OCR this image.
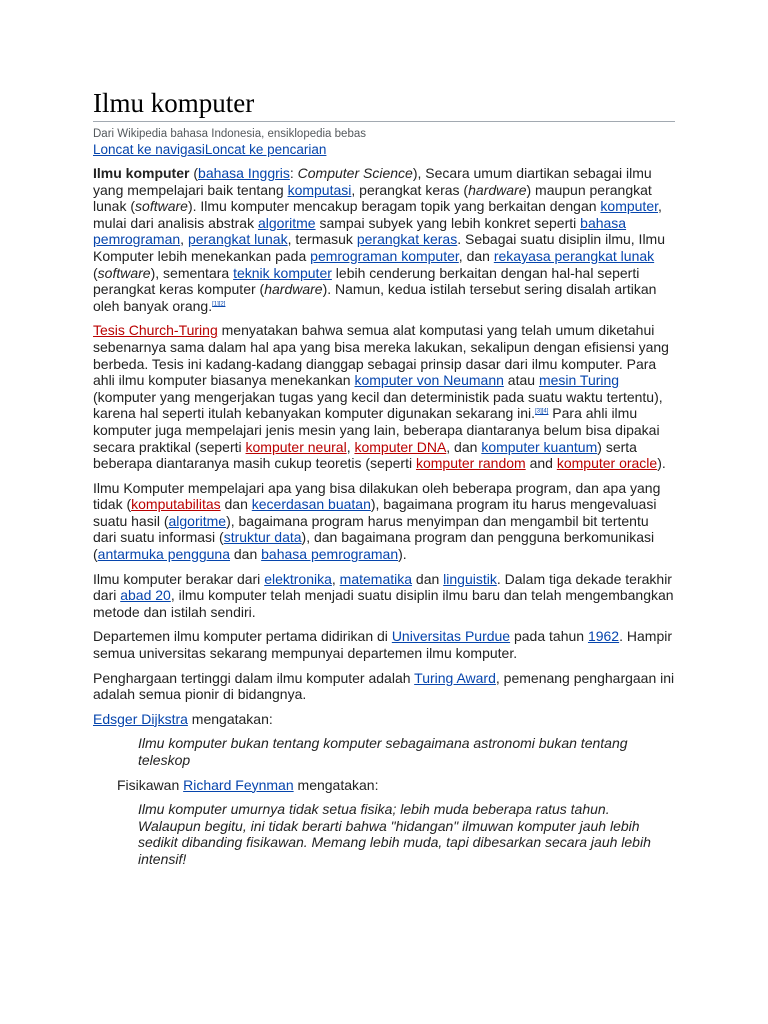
Ilmu komputer
Dari Wikipedia bahasa Indonesia, ensiklopedia bebas
Loncat ke navigasiLoncat ke pencarian

Ilmu komputer (bahasa Inggris: Computer Science), Secara umum diartikan sebagai ilmu yang mempelajari baik tentang komputasi, perangkat keras (hardware) maupun perangkat lunak (software). Ilmu komputer mencakup beragam topik yang berkaitan dengan komputer, mulai dari analisis abstrak algoritme sampai subyek yang lebih konkret seperti bahasa pemrograman, perangkat lunak, termasuk perangkat keras. Sebagai suatu disiplin ilmu, Ilmu Komputer lebih menekankan pada pemrograman komputer, dan rekayasa perangkat lunak (software), sementara teknik komputer lebih cenderung berkaitan dengan hal-hal seperti perangkat keras komputer (hardware). Namun, kedua istilah tersebut sering disalah artikan oleh banyak orang.[1][2]

Tesis Church-Turing menyatakan bahwa semua alat komputasi yang telah umum diketahui sebenarnya sama dalam hal apa yang bisa mereka lakukan, sekalipun dengan efisiensi yang berbeda. Tesis ini kadang-kadang dianggap sebagai prinsip dasar dari ilmu komputer. Para ahli ilmu komputer biasanya menekankan komputer von Neumann atau mesin Turing (komputer yang mengerjakan tugas yang kecil dan deterministik pada suatu waktu tertentu), karena hal seperti itulah kebanyakan komputer digunakan sekarang ini.[3][4] Para ahli ilmu komputer juga mempelajari jenis mesin yang lain, beberapa diantaranya belum bisa dipakai secara praktikal (seperti komputer neural, komputer DNA, dan komputer kuantum) serta beberapa diantaranya masih cukup teoretis (seperti komputer random and komputer oracle).

Ilmu Komputer mempelajari apa yang bisa dilakukan oleh beberapa program, dan apa yang tidak (komputabilitas dan kecerdasan buatan), bagaimana program itu harus mengevaluasi suatu hasil (algoritme), bagaimana program harus menyimpan dan mengambil bit tertentu dari suatu informasi (struktur data), dan bagaimana program dan pengguna berkomunikasi (antarmuka pengguna dan bahasa pemrograman).

Ilmu komputer berakar dari elektronika, matematika dan linguistik. Dalam tiga dekade terakhir dari abad 20, ilmu komputer telah menjadi suatu disiplin ilmu baru dan telah mengembangkan metode dan istilah sendiri.

Departemen ilmu komputer pertama didirikan di Universitas Purdue pada tahun 1962. Hampir semua universitas sekarang mempunyai departemen ilmu komputer.

Penghargaan tertinggi dalam ilmu komputer adalah Turing Award, pemenang penghargaan ini adalah semua pionir di bidangnya.

Edsger Dijkstra mengatakan:

Ilmu komputer bukan tentang komputer sebagaimana astronomi bukan tentang teleskop

Fisikawan Richard Feynman mengatakan:

Ilmu komputer umurnya tidak setua fisika; lebih muda beberapa ratus tahun. Walaupun begitu, ini tidak berarti bahwa "hidangan" ilmuwan komputer jauh lebih sedikit dibanding fisikawan. Memang lebih muda, tapi dibesarkan secara jauh lebih intensif!
